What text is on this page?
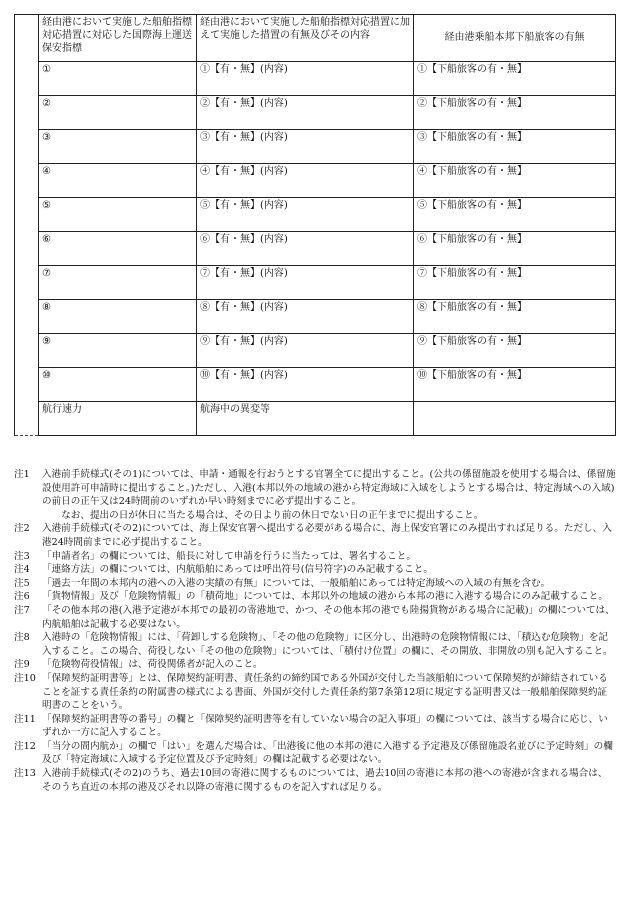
	経由港において実施した船舶指標対応措置に対応した国際海上運送保安指標	経由港において実施した船舶指標対応措置に加えて実施した措置の有無及びその内容	経由港乗船本邦下船旅客の有無
	①	①【有・無】(内容)	①【下船旅客の有・無】
	②	②【有・無】(内容)	②【下船旅客の有・無】
	③	③【有・無】(内容)	③【下船旅客の有・無】
	④	④【有・無】(内容)	④【下船旅客の有・無】
	⑤	⑤【有・無】(内容)	⑤【下船旅客の有・無】
	⑥	⑥【有・無】(内容)	⑥【下船旅客の有・無】
	⑦	⑦【有・無】(内容)	⑦【下船旅客の有・無】
	⑧	⑧【有・無】(内容)	⑧【下船旅客の有・無】
	⑨	⑨【有・無】(内容)	⑨【下船旅客の有・無】
	⑩	⑩【有・無】(内容)	⑩【下船旅客の有・無】
	航行速力	航海中の異変等	
注1	入港前手続様式(その1)については、申請・通報を行おうとする官署全てに提出すること。(公共の係留施設を使用する場合は、係留施設使用許可申請時に提出すること。)ただし、入港(本邦以外の地域の港から特定海域に入域をしようとする場合は、特定海域への入域)の前日の正午又は24時間前のいずれか早い時刻までに必ず提出すること。
なお、提出の日が休日に当たる場合は、その日より前の休日でない日の正午までに提出すること。
注2	入港前手続様式(その2)については、海上保安官署へ提出する必要がある場合に、海上保安官署にのみ提出すれば足りる。ただし、入港24時間前までに必ず提出すること。
注3	「申請者名」の欄については、船長に対して申請を行うに当たっては、署名すること。
注4	「連絡方法」の欄については、内航船舶にあっては呼出符号(信号符字)のみ記載すること。
注5	「過去一年間の本邦内の港への入港の実績の有無」については、一般船舶にあっては特定海域への入域の有無を含む。
注6	「貨物情報」及び「危険物情報」の「積荷地」については、本邦以外の地域の港から本邦の港に入港する場合にのみ記載すること。
注7	「その他本邦の港(入港予定港が本邦での最初の寄港地で、かつ、その他本邦の港でも陸揚貨物がある場合に記載)」の欄については、内航船舶は記載する必要はない。
注8	入港時の「危険物情報」には、「荷卸しする危険物」、「その他の危険物」に区分し、出港時の危険物情報には、「積込む危険物」を記入すること。この場合、荷役しない「その他の危険物」については、「積付け位置」の欄に、その開放、非開放の別も記入すること。
注9	「危険物荷役情報」は、荷役関係者が記入のこと。
注10 「保障契約証明書等」とは、保障契約証明書、責任条約の締約国である外国が交付した当該船舶について保障契約が締結されていることを証する責任条約の附属書の様式による書面、外国が交付した責任条約第7条第12項に規定する証明書又は一般船舶保障契約証明書のことをいう。
注11 「保障契約証明書等の番号」の欄と「保障契約証明書等を有していない場合の記入事項」の欄については、該当する場合に応じ、いずれか一方に記入すること。
注12 「当分の間内航か」の欄で「はい」を選んだ場合は、「出港後に他の本邦の港に入港する予定港及び係留施設名並びに予定時刻」の欄及び「特定海域に入域する予定位置及び予定時刻」の欄は記載する必要はない。
注13 入港前手続様式(その2)のうち、過去10回の寄港に関するものについては、過去10回の寄港に本邦の港への寄港が含まれる場合は、そのうち直近の本邦の港及びそれ以降の寄港に関するものを記入すれば足りる。
